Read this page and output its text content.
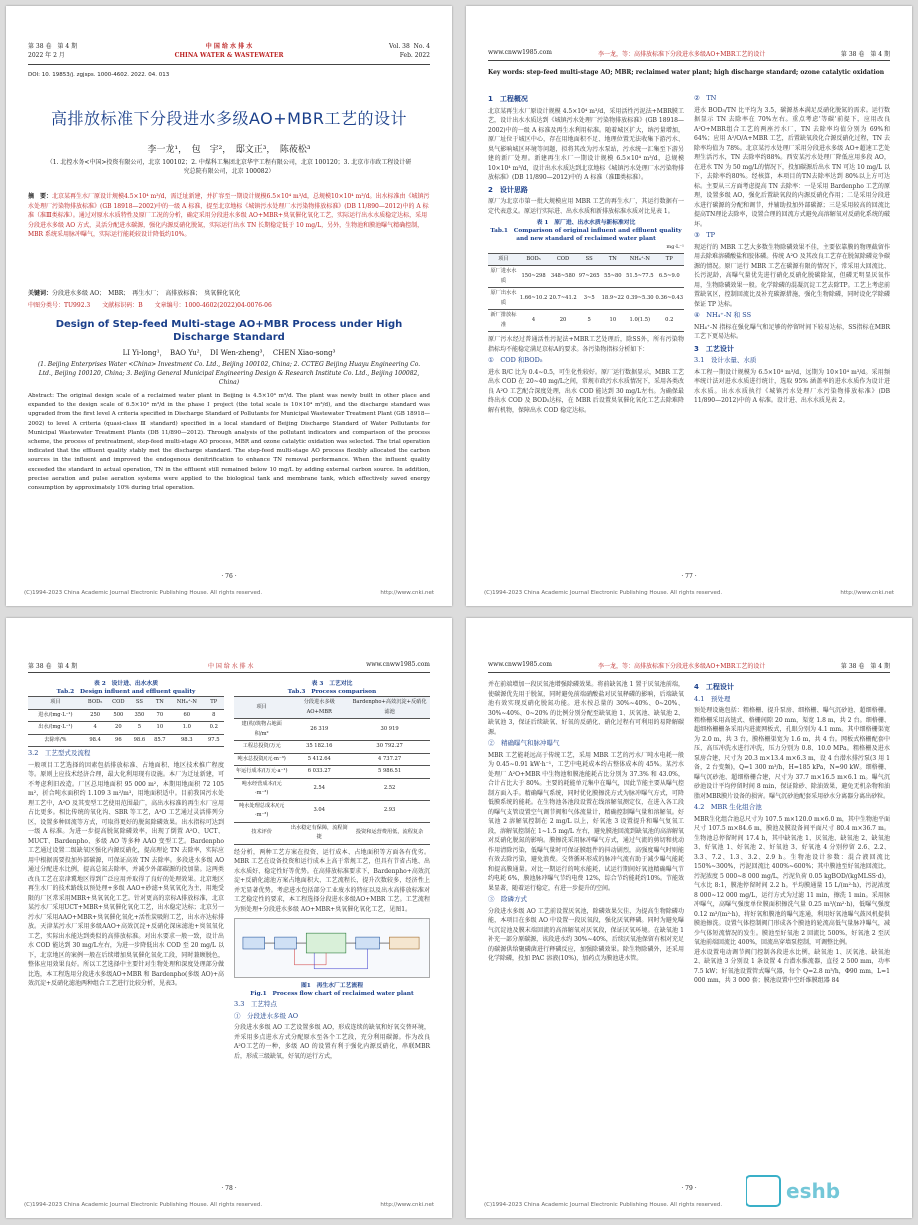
第 38 卷　第 4 期
2022 年 2 月
中 国 给 水 排 水
CHINA WATER & WASTEWATER
Vol. 38  No. 4
Feb. 2022
DOI: 10. 19853/j. zgjsps. 1000-4602. 2022. 04. 013
高排放标准下分段进水多级AO+MBR工艺的设计
李一龙¹，　包　宇²，　邸文正³，　陈莜松³
（1. 北控水务<中国>投资有限公司，北京 100102；2. 中煤科工集团北京华宇工程有限公司，北京 100120；3. 北京市市政工程设计研究总院有限公司，北京 100082）
摘　要：北京某再生水厂原设计规模4.5×10⁴ m³/d，需迁址新建，并扩容至一期设计规模6.5×10⁴ m³/d，总规模10×10⁴ m³/d。出水标准由《城镇污水处理厂污染物排放标准》(GB 18918—2002)中的一级 A 标准，提至北京地标《城镇污水处理厂水污染物排放标准》(DB 11/890—2012)中的 A 标准（准Ⅲ类标准）。通过对原水水质特性及原厂工况的分析，确定采用分段进水多级 AO+MBR+臭氧催化氧化工艺，实际运行出水水质稳定达标，采用分段进水多级 AO 方式，灵活分配进水碳源，强化内源反硝化脱氮，实际运行出水 TN 长期稳定低于 10 mg/L，另外，生物池和膜池曝气精确控制，MBR 系统采用脉冲曝气，实际运行能耗较设计降低约10%。
关键词：分段进水多级 AO；　MBR；　再生水厂；　高排放标准；　臭氧催化氧化
中图分类号：TU992.3　　文献标识码：B　　文章编号：1000-4602(2022)04-0076-06
Design of Step-feed Multi-stage AO+MBR Process under High Discharge Standard
LI Yi-long¹，　BAO Yu²，　DI Wen-zheng³，　CHEN Xiao-song³
(1. Beijing Enterprises Water <China> Investment Co. Ltd., Beijing 100102, China; 2. CCTEG Beijing Huayu Engineering Co. Ltd., Beijing 100120, China; 3. Beijing General Municipal Engineering Design & Research Institute Co. Ltd., Beijing 100082, China)
Abstract: The original design scale of a reclaimed water plant in Beijing is 4.5×10⁴ m³/d. The plant was newly built in other place and expanded to the design scale of 6.5×10⁴ m³/d in the phase Ⅰ project (the total scale is 10×10⁴ m³/d), and the discharge standard was upgraded from the first level A criteria specified in Discharge Standard of Pollutants for Municipal Wastewater Treatment Plant (GB 18918—2002) to level A criteria (quasi-class Ⅲ standard) specified in a local standard of Beijing Discharge Standard of Water Pollutants for Municipal Wastewater Treatment Plants (DB 11/890—2012). Through analysis of the pollutant indicators and comparison of the process scheme, the process of pretreatment, step-feed multi-stage AO process, MBR and ozone catalytic oxidation was selected. The trial operation indicated that the effluent quality stably met the discharge standard. The step-feed multi-stage AO process flexibly allocated the carbon sources in the influent and improved the endogenous denitrification to enhance TN removal performance. When the influent quality exceeded the standard in actual operation, TN in the effluent still remained below 10 mg/L by adding external carbon source. In addition, precise aeration and pulse aeration systems were applied to the biological tank and membrane tank, which effectively saved energy consumption by approximately 10% during trial operation.
· 76 ·
(C)1994-2023 China Academic Journal Electronic Publishing House. All rights reserved.	http://www.cnki.net
www.cnww1985.com	李一龙，等：高排放标准下分段进水多级AO+MBR工艺的设计	第 38 卷　第 4 期
Key words: step-feed multi-stage AO; MBR; reclaimed water plant; high discharge standard; ozone catalytic oxidation
1　工程概况
北京某再生水厂原设计规模 4.5×10⁴ m³/d，采用活性污泥法+MBR膜工艺，设计出水水质达到《城镇污水处理厂污染物排放标准》(GB 18918—2002)中的一级 A 标准及再生水利用标准。随着城区扩大，纳污量增加，原厂址位于城区中心，存在用地面积不足、地理位置无法收集下游污水、臭气影响城区环境等问题，拟将其改为污水泵站，污水统一汇集至下游另建的新厂处理。新建再生水厂一期设计规模 6.5×10⁴ m³/d，总规模 10×10⁴ m³/d，设计出水水质达到北京地标《城镇污水处理厂水污染物排放标准》(DB 11/890—2012)中的 A 标准（准Ⅲ类标准）。
2　设计思路
原厂为北京市第一批大规模应用 MBR 工艺的再生水厂，其运行数据有一定代表意义。原运行实际进、出水水质和新排放标准水质对比见表 1。
表 1　原厂进、出水水质与新标准对比
Tab.1　Comparison of original influent and effluent quality and new standard of reclaimed water plant
mg·L⁻¹
项目	BOD₅	COD	SS	TN	NH₄⁺-N	TP
原厂进水水质	150~298	348~580	97~265	55~80	51.5~77.5	6.5~9.0
原厂出水水质	1.66~10.2	20.7~41.2	3~5	18.9~22	0.39~5.30	0.36~0.43
新厂排放标准	4	20	5	10	1.0(1.5)	0.2
原厂污水经过普通活性污泥法+MBR工艺处理后，除SS外，所有污染物指标均不能稳定满足京标A的要求。各污染物指标分析如下：
①　COD 和BOD₅
进水 B/C 比为 0.4~0.5，可生化性较好。原厂运行数据显示，MBR 工艺出水 COD 在 20~40 mg/L之间，常规市政污水水质情况下，采用各类改良 A²O 工艺配合深度处理，出水 COD 能达到 30 mg/L左右。为确保最终出水 COD 及 BOD₅达标，在 MBR 后设置臭氧催化氧化工艺去除难降解有机物，保障出水 COD 稳定达标。
②　TN
进水 BOD₅/TN 比平均为 3.5，碳源基本满足反硝化脱氮的需求。运行数据显示 TN 去除率在 70%左右。重点考虑'等碳'前提下，应用改良A²O+MBR组合工艺的两座污水厂，TN 去除率均值分别为 69%和 64%；应用 A²/O/A+MBR 工艺，后置缺氧段化合源反硝化过程，TN 去除率均值为 78%。北京某污水处理厂采用分段进水多级 AO+超速工艺处理生活污水，TN 去除率约88%。西安某污水处理厂降低应用多段 AO，在进水 TN 为 50 mg/L的情况下，投加碳源后出水 TN 可达 10 mg/L 以下，去除率约80%。经核算，本项目的TN去除率达到 80%以上方可达标。主要从三方面考虑提高 TN 去除率：一是采用 Bardenpho 工艺的原理，设置多级 AO，强化后置缺氧段的内源反硝化作用；二是采用分段进水进行碳源的分配和调节，并辅助投加外部碳源；三是采用较高的回流比提高TN理论去除率，设置合理的回流方式避免高溶解氧对反硝化系统的破坏。
③　TP
现运行的 MBR 工艺大多数生物除磷效果不佳，主要依靠膜的物理截留作用去除难溶磷酸盐和胶体磷。传统 A²O 及其改良工艺存在脱氮除磷竞争碳源的情况。原厂运行 MBR 工艺在碳源有限的情况下，常采用大回流比、长污泥龄，高曝气量优先进行硝化反硝化脱碳除氮，但磷无明显厌氧作用，生物除磷效果一般。化学除磷的混凝沉淀工艺去除TP。工艺上考虑前置缺氧区，控制回流比及补充碳源措施，强化生物除磷，同时设化学除磷保证 TP 达标。
④　NH₄⁺-N 和 SS
NH₄⁺-N 指标在强化曝气和足够的停留时间下较易达标，SS指标在MBR工艺下更易达标。
3　工艺设计
3.1　设计水量、水质
本工程一期设计规模为 6.5×10⁴ m³/d，远期为 10×10⁴ m³/d。采用频率统计法对进水水质进行统计，选取 95% 涵盖率的进水水质作为设计进水水质。出水水质执行《城镇污水处理厂水污染物排放标准》(DB 11/890—2012)中的 A 标准。设计进、出水水质见表 2。
· 77 ·
(C)1994-2023 China Academic Journal Electronic Publishing House. All rights reserved.	http://www.cnki.net
第 38 卷　第 4 期	中 国 给 水 排 水	www.cnww1985.com
表 2　设计进、出水水质
Tab.2　Design influent and effluent quality
项目	BOD₅	COD	SS	TN	NH₄⁺-N	TP
进水/(mg·L⁻¹)	250	500	350	70	60	8
出水/(mg·L⁻¹)	4	20	5	10	1.0	0.2
去除率/%	98.4	96	98.6	85.7	98.3	97.5
3.2　工艺型式及流程
一般项目工艺选择的因素包括排放标准、占地面积、地区技术推广程度等。原则上应技术经济合理，最大化利用现有设施。本厂为迁址新建，可不考虑利旧改造。厂区总用地面积 95 000 m²，本期用地面积 72 105 m²，折合吨水面积约 1.109 3 m²/m³，用地面积适中。目前我国污水处理工艺中，A²O 及其变型工艺使用范围最广，高出水标准的再生水厂应用占比更多。相比传统的氧化沟、SBR 等工艺，A²O 工艺通过灵活排列分区，设置多种回流等方式，可取得更好的脱氮除磷效果。出水指标可达到一级 A 标准。为进一步提高脱氮除磷效率，出现了倒置 A²O、UCT、MUCT、Bardenpho、多级 AO 等多种 AAO 变型工艺。Bardenpho 工艺通过设置二级缺氧区强化内源反硝化，提高理论 TN 去除率，实际应用中根据需要投加外部碳源，可保证高效 TN 去除率。多段进水多级 AO通过分配进水比例，提高总氮去除率，并减少外部碳源的投加量。这两类改良工艺在京津冀地区得到广泛应用并取得了良好的处理效果。北京地区再生水厂的技术路线以预处理+多级 AAO+砂滤+臭氧氧化为主，用地受限的厂区常采用MBR+臭氧氧化工艺。针对更高的京标A排放标准，北京某污水厂采用UCT+MBR+臭氧催化氧化工艺，出水稳定达标；北京另一污水厂采用AAO+MBR+臭氧催化氧化+活性炭吸附工艺，出水亦达标排放。天津某污水厂采用多级AAO+高效沉淀+反硝化深床滤池+臭氧氧化工艺，实际出水能达到类似的高排放标准。对出水要求一般一致，设计出水 COD 能达到 30 mg/L左右，为进一步降低出水 COD 至 20 mg/L 以下，北京地区的案例一般在后续增加臭氧催化氧化工段，同时兼顾脱色，整体应用效果良好。所以工艺选择中主要针对生物处理和深度处理部分做比选，本工程选用分段进水多级AO+MBR 和 Bardenpho(多级 AO)+高效沉淀+反硝化滤池两种组合工艺进行比较分析，见表3。
表 3　工艺对比
Tab.3　Process comparison
项目	分段进水多级 AO+MBR	Bardenpho+高效沉淀+反硝化滤池
建(构)筑物占地面积/m²	26 319	30 919
工程总投资/万元	35 182.16	30 792.27
吨水总投资/(元·m⁻³)	5 412.64	4 737.27
年运行成本/(万元·a⁻¹)	6 033.27	5 986.51
吨水经营成本/(元·m⁻³)	2.54	2.52
吨水处理总成本/(元·m⁻³)	3.04	2.93
技术评价	出水稳定有保障，流程简捷	投资和运营费用低，流程复杂
经分析，两种工艺方案在投资、运行成本、占地面积等方面各有优劣。MBR 工艺在设备投资和运行成本上高于常规工艺，但具有节省占地、出水水质好、稳定性好等优势。在高排放标准要求下，Bardenpho+高效沉淀+反硝化滤池方案占地面积大、工艺流程长，提升次数较多，经济性上并无显著优势。考虑进水包括部分工业废水的特征以及出水高排放标准对工艺稳定性的要求，本工程选择分段进水多级AO+MBR 工艺。工艺流程为预处理+分段进水多级 AO+MBR+臭氧催化氧化工艺，见图1。
图1　再生水厂工艺流程
Fig.1　Process flow chart of reclaimed water plant
3.3　工艺特点
①　分段进水多级 AO
分段进水多级 AO 工艺设置多级 AO，形成连续的缺氧和好氧交替环境，并采用多点进水方式分配原水至各个工艺段，充分利用碳源。作为改良A²O工艺的一种，多级 AO 的设置有利于强化内源反硝化，串联MBR 后，形成三级缺氧，好氧的运行方式，
· 78 ·
(C)1994-2023 China Academic Journal Electronic Publishing House. All rights reserved.	http://www.cnki.net
www.cnww1985.com	李一龙，等：高排放标准下分段进水多级AO+MBR工艺的设计	第 38 卷　第 4 期
并在前端增加一段厌氧池增强除磷效果。将前缺氧池 1 置于厌氧池前端，使碳源优先用于脱氮，同时避免前端硝酸盐对厌氧释磷的影响，后端缺氧池有效实现反硝化脱氮功能。进水按总量的 30%~40%、0~20%、30%~40%、0~20% 的比例分别分配至缺氧池 1、厌氧池、缺氧池 2、缺氧池 3，保证后续缺氧、好氧的反硝化、硝化过程有可利用的易降解碳源。
②　精确曝气和脉冲曝气
MBR 工艺能耗远高于传统工艺，采用 MBR 工艺的污水厂吨水电耗一般为 0.45~0.91 kW·h⁻¹，工艺中电耗成本约占整体成本的 45%。某污水处理厂 A²O+MBR 中生物池和膜池能耗占比分别为 37.3% 和 43.0%，合计占比大于 80%。主要的耗能单元集中在曝气，因此节能主要从曝气控制方面入手。精确曝气系统，同时优化膜擦洗方式为脉冲曝气方式，可降低膜系统的能耗。在生物池各池段设置在线溶解氧测定仪，在进入各工段的曝气支管设置空气调节阀和气体流量计，精确控制曝气量和溶解氧。好氧池 2 溶解氧控制在 2 mg/L 以上，好氧池 3 设置提升和曝气复氧工段，溶解氧控制在 1~1.5 mg/L 左右，避免膜池回流到缺氧池的高溶解氧对反硝化脱氮的影响。膜擦洗采用脉冲曝气方式，通过气流的剪切和扰动作用清除污染，低曝气量时可保证膜组件的抖动剧烈，高强度曝气时则能有效去除污染，避免浪费。交替循环形成的脉冲气流有助于减少曝气能耗和提高膜通量。对比一期运行的吨水能耗，试运行期间好氧池精确曝气节约电耗 6%，膜池脉冲曝气节约电费 12%，综合节约能耗约10%。节能效果显著，随着运行稳定，有进一步提升的空间。
③　除磷方式
分段进水多级 AO 工艺前设置厌氧池，除磷效果欠佳，为提高生物除磷功能，本项目在多级 AO 中设置一段厌氧段，强化厌氧释磷。同时为避免曝气沉淀池及膜末端回流的高溶解氧对厌氧段，保证厌氧环境。在缺氧池 1 补充一部分原碳源，该段进水约 30%~40%，后续厌氧池保留有相对充足的碳源供给聚磷菌进行释磷反应，加强除磷效果。除生物除磷外，还采用化学除磷，投加 PAC 溶液(10%)，加药点为膜池进水管。
4　工程设计
4.1　预处理
预处理设施包括：粗格栅、提升泵房、细格栅、曝气沉砂池、超细格栅。粗格栅采用高链式、格栅间隙 20 mm，渠宽 1.8 m，共 2 台。细格栅、超细格栅栅条采用内进流网板式，孔眼分别为 4.1 mm。其中细格栅渠宽为 2.0 m，共 3 台，膜格栅渠宽为 1.6 m，共 4 台。网板式格栅配套中压、高压冲洗水进行冲洗，压力分别为 0.8、10.0 MPa。粗格栅及进水泵房合建，尺寸为 20.3 m×13.4 m×6.3 m，设 4 台潜水排污泵(3 用 1 备，2 台变频)，Q=1 300 m³/h，H=185 kPa，N=90 kW。细格栅、曝气沉砂池、超细格栅合建，尺寸为 37.7 m×16.5 m×6.1 m。曝气沉砂池设计平均停留时间 8 min，保证除砂、除油效果，避免无机杂物和油脂对MBR膜片设备的损害。曝气沉砂池配套采用砂水分离器分离出砂粒。
4.2　MBR 生化组合池
MBR生化组合池总尺寸为 107.5 m×120.0 m×6.0 m，其中生物池平面尺寸 107.5 m×84.6 m，膜池及膜设备间平面尺寸 80.4 m×36.7 m。生物池总停留时间 17.4 h，其中缺氧池 1、厌氧池、缺氧池 2、缺氧池 3、好氧池 1、好氧池 2、好氧池 3、好氧池 4 分别停留 2.6、2.2、3.3、7.2、1.3、3.2、2.9 h。生物池设计参数：混合液回流比 150%~300%，污泥回流比 400%~600%；其中膜池至好氧池回流比，污泥浓度 5 000~8 000 mg/L，污泥负荷 0.05 kgBOD/(kgMLSS·d)，气水比 8:1，膜池停留时间 2.2 h。平均膜通量 15 L/(m²·h)，污泥浓度 8 000~12 000 mg/L，运行方式为过滤 11 min，擦洗 1 min。采用脉冲曝气，高曝气强度单位膜面积擦洗气量 0.25 m³/(m²·h)，低曝气强度 0.12 m³/(m²·h)，将好氧和膜池的曝气连通，利用好氧池曝气鼓风机提供膜池擦洗。设置气体控制阀门形成各个膜池的轮流高低气量脉冲曝气，减少气体短流情况的发生。膜池至好氧池 2 回流比 500%，好氧池 2 至厌氧池前端回流比 400%，回流出穿墙泵控制，可调整比例。
进水设置电动调节阀门控制各段进水比例，缺氧池 1、厌氧池、缺氧池 2、缺氧池 3 分别设 1 条设置 4 台潜水推流器，直径 2 500 mm，功率 7.5 kW；好氧池设置管式曝气器，每个 Q=2.8 m³/h，Φ90 mm，L=1 000 mm，共 3 000 套；膜池设置中空纤维膜组器 84
· 79 ·
(C)1994-2023 China Academic Journal Electronic Publishing House. All rights reserved.
eshb
